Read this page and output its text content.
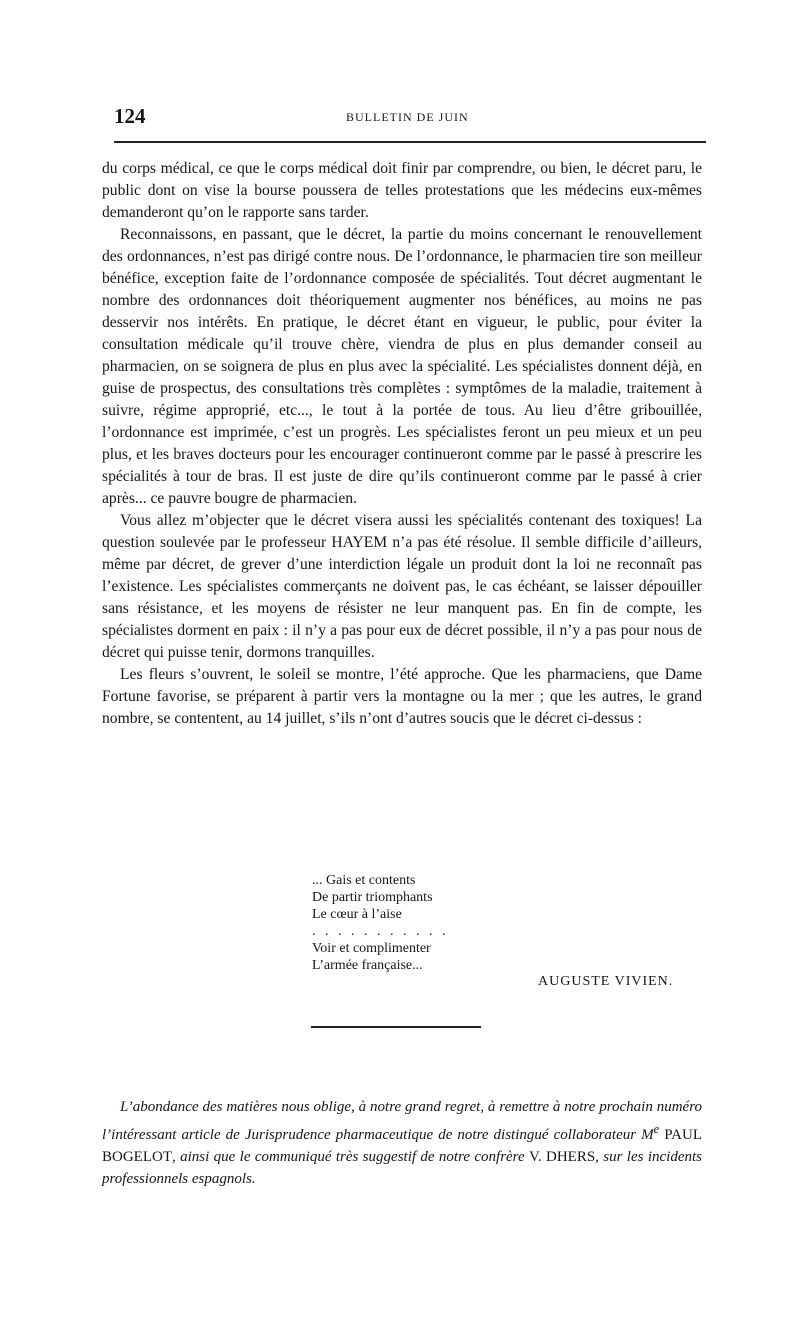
124	BULLETIN DE JUIN

du corps médical, ce que le corps médical doit finir par comprendre, ou bien, le décret paru, le public dont on vise la bourse poussera de telles protestations que les médecins eux-mêmes demanderont qu’on le rapporte sans tarder.

Reconnaissons, en passant, que le décret, la partie du moins concernant le renouvellement des ordonnances, n’est pas dirigé contre nous. De l’ordonnance, le pharmacien tire son meilleur bénéfice, exception faite de l’ordonnance composée de spécialités. Tout décret augmentant le nombre des ordonnances doit théoriquement augmenter nos bénéfices, au moins ne pas desservir nos intérêts. En pratique, le décret étant en vigueur, le public, pour éviter la consultation médicale qu’il trouve chère, viendra de plus en plus demander conseil au pharmacien, on se soignera de plus en plus avec la spécialité. Les spécialistes donnent déjà, en guise de prospectus, des consultations très complètes : symptômes de la maladie, traitement à suivre, régime approprié, etc..., le tout à la portée de tous. Au lieu d’être gribouillée, l’ordonnance est imprimée, c’est un progrès. Les spécialistes feront un peu mieux et un peu plus, et les braves docteurs pour les encourager continueront comme par le passé à prescrire les spécialités à tour de bras. Il est juste de dire qu’ils continueront comme par le passé à crier après... ce pauvre bougre de pharmacien.

Vous allez m’objecter que le décret visera aussi les spécialités contenant des toxiques! La question soulevée par le professeur HAYEM n’a pas été résolue. Il semble difficile d’ailleurs, même par décret, de grever d’une interdiction légale un produit dont la loi ne reconnaît pas l’existence. Les spécialistes commerçants ne doivent pas, le cas échéant, se laisser dépouiller sans résistance, et les moyens de résister ne leur manquent pas. En fin de compte, les spécialistes dorment en paix : il n’y a pas pour eux de décret possible, il n’y a pas pour nous de décret qui puisse tenir, dormons tranquilles.

Les fleurs s’ouvrent, le soleil se montre, l’été approche. Que les pharmaciens, que Dame Fortune favorise, se préparent à partir vers la montagne ou la mer ; que les autres, le grand nombre, se contentent, au 14 juillet, s’ils n’ont d’autres soucis que le décret ci-dessus :

... Gais et contents
De partir triomphants
Le cœur à l’aise
. . . . . . . . . . .
Voir et complimenter
L’armée française...
AUGUSTE VIVIEN.

L’abondance des matières nous oblige, à notre grand regret, à remettre à notre prochain numéro l’intéressant article de Jurisprudence pharmaceutique de notre distingué collaborateur Me PAUL BOGELOT, ainsi que le communiqué très suggestif de notre confrère V. DHERS, sur les incidents professionnels espagnols.
